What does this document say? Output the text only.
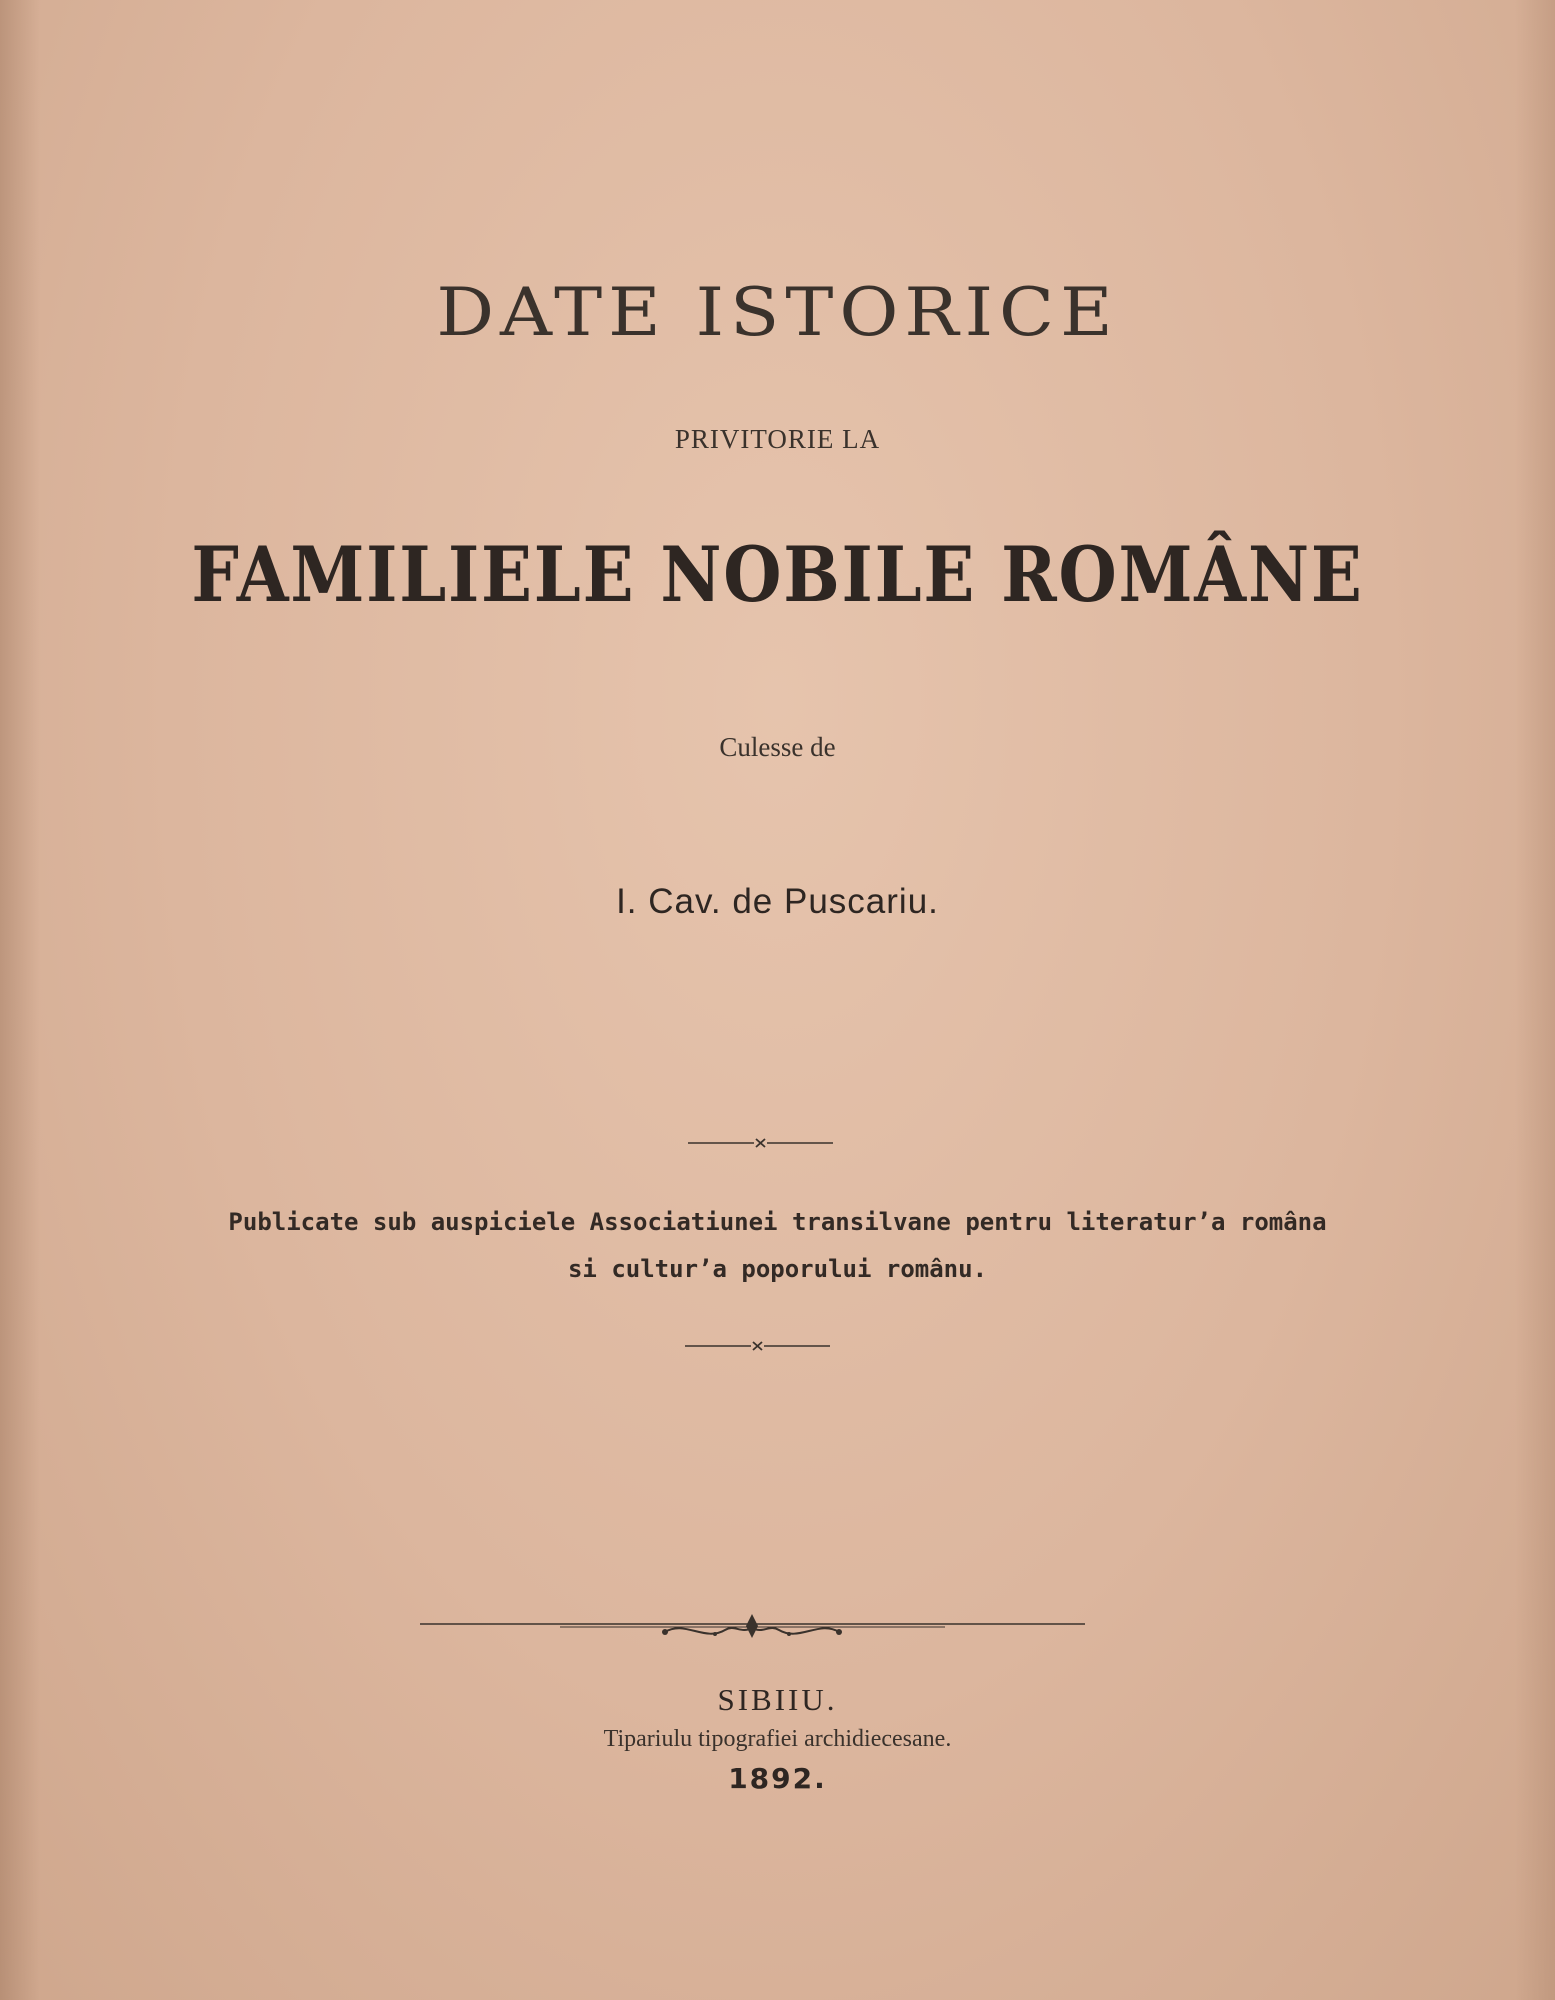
DATE ISTORICE
PRIVITORIE LA
FAMILIELE NOBILE ROMÂNE
Culesse de
I. Cav. de Puscariu.
Publicate sub auspiciele Associatiunei transilvane pentru literatur’a româna
si cultur’a poporului românu.
SIBIIU.
Tipariulu tipografiei archidiecesane.
1892.
